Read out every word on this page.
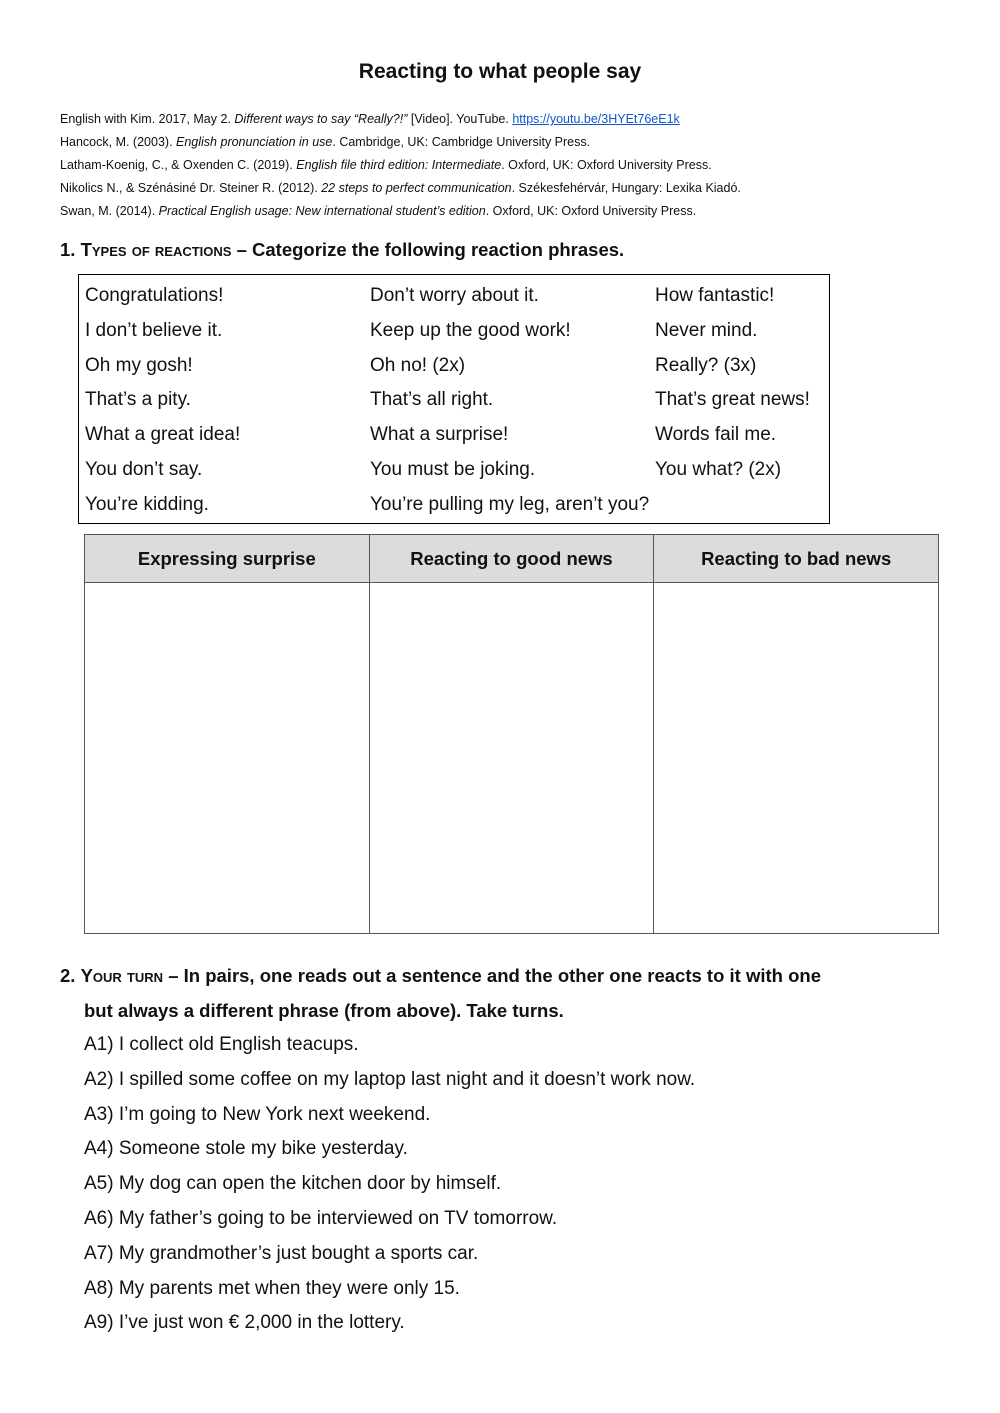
Reacting to what people say
English with Kim. 2017, May 2. Different ways to say “Really?!” [Video]. YouTube. https://youtu.be/3HYEt76eE1k
Hancock, M. (2003). English pronunciation in use. Cambridge, UK: Cambridge University Press.
Latham-Koenig, C., & Oxenden C. (2019). English file third edition: Intermediate. Oxford, UK: Oxford University Press.
Nikolics N., & Szénásiné Dr. Steiner R. (2012). 22 steps to perfect communication. Székesfehérvár, Hungary: Lexika Kiadó.
Swan, M. (2014). Practical English usage: New international student’s edition. Oxford, UK: Oxford University Press.
1. Types of reactions – Categorize the following reaction phrases.
Congratulations!	Don’t worry about it.	How fantastic!
I don’t believe it.	Keep up the good work!	Never mind.
Oh my gosh!	Oh no! (2x)	Really? (3x)
That’s a pity.	That’s all right.	That’s great news!
What a great idea!	What a surprise!	Words fail me.
You don’t say.	You must be joking.	You what? (2x)
You’re kidding.	You’re pulling my leg, aren’t you?
Expressing surprise	Reacting to good news	Reacting to bad news

2. Your turn – In pairs, one reads out a sentence and the other one reacts to it with one
but always a different phrase (from above). Take turns.
A1) I collect old English teacups.
A2) I spilled some coffee on my laptop last night and it doesn’t work now.
A3) I’m going to New York next weekend.
A4) Someone stole my bike yesterday.
A5) My dog can open the kitchen door by himself.
A6) My father’s going to be interviewed on TV tomorrow.
A7) My grandmother’s just bought a sports car.
A8) My parents met when they were only 15.
A9) I’ve just won € 2,000 in the lottery.
